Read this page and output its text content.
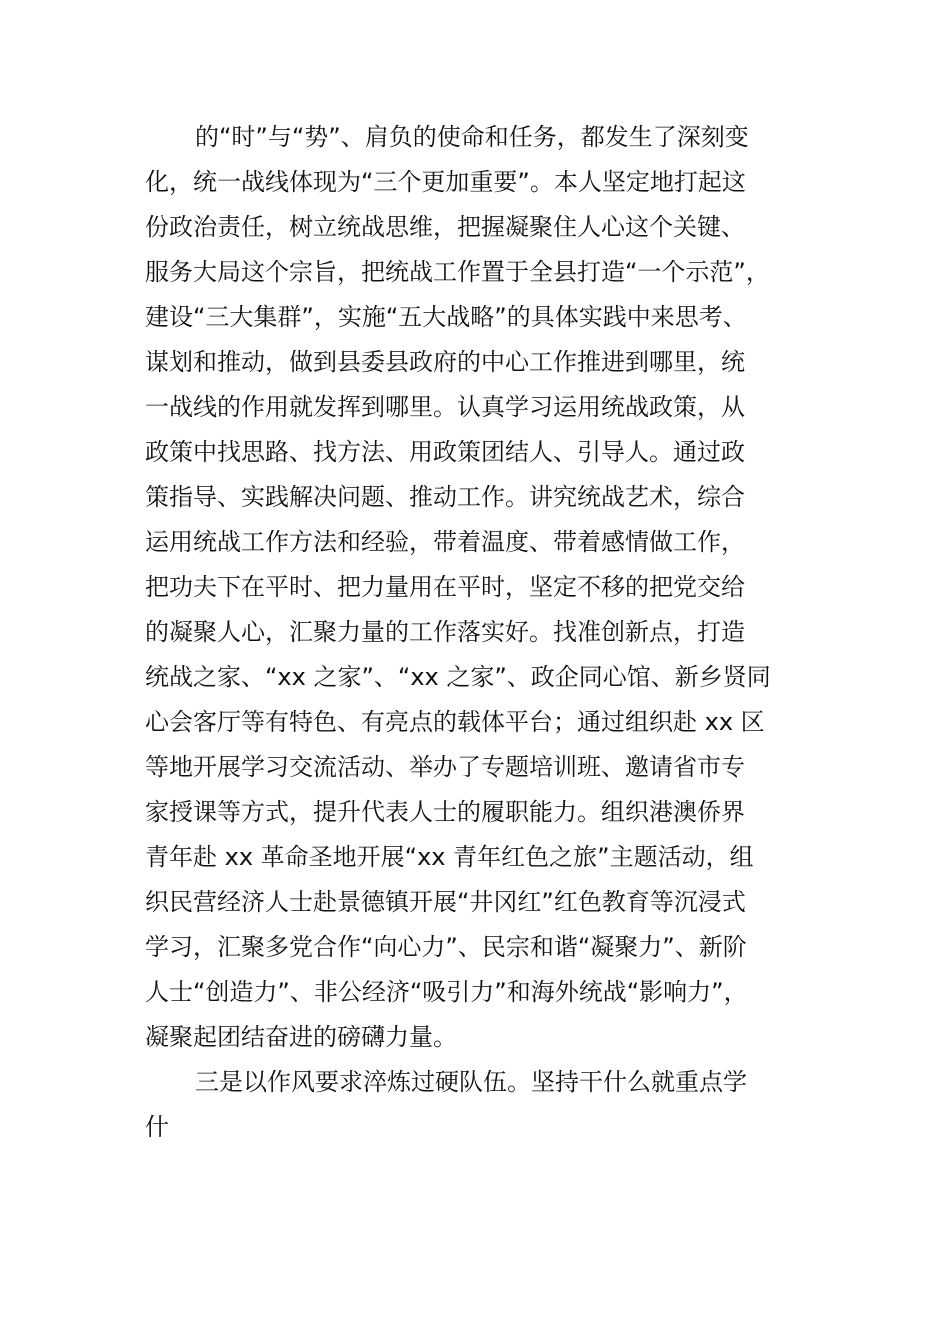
的“时”与“势”、肩负的使命和任务，都发生了深刻变
化，统一战线体现为“三个更加重要”。本人坚定地打起这
份政治责任，树立统战思维，把握凝聚住人心这个关键、
服务大局这个宗旨，把统战工作置于全县打造“一个示范”，
建设“三大集群”，实施“五大战略”的具体实践中来思考、
谋划和推动，做到县委县政府的中心工作推进到哪里，统
一战线的作用就发挥到哪里。认真学习运用统战政策，从
政策中找思路、找方法、用政策团结人、引导人。通过政
策指导、实践解决问题、推动工作。讲究统战艺术，综合
运用统战工作方法和经验，带着温度、带着感情做工作，
把功夫下在平时、把力量用在平时，坚定不移的把党交给
的凝聚人心，汇聚力量的工作落实好。找准创新点，打造
统战之家、“xx 之家”、“xx 之家”、政企同心馆、新乡贤同
心会客厅等有特色、有亮点的载体平台；通过组织赴 xx 区
等地开展学习交流活动、举办了专题培训班、邀请省市专
家授课等方式，提升代表人士的履职能力。组织港澳侨界
青年赴 xx 革命圣地开展“xx 青年红色之旅”主题活动，组
织民营经济人士赴景德镇开展“井冈红”红色教育等沉浸式
学习，汇聚多党合作“向心力”、民宗和谐“凝聚力”、新阶
人士“创造力”、非公经济“吸引力”和海外统战“影响力”，
凝聚起团结奋进的磅礴力量。
三是以作风要求淬炼过硬队伍。坚持干什么就重点学
什
